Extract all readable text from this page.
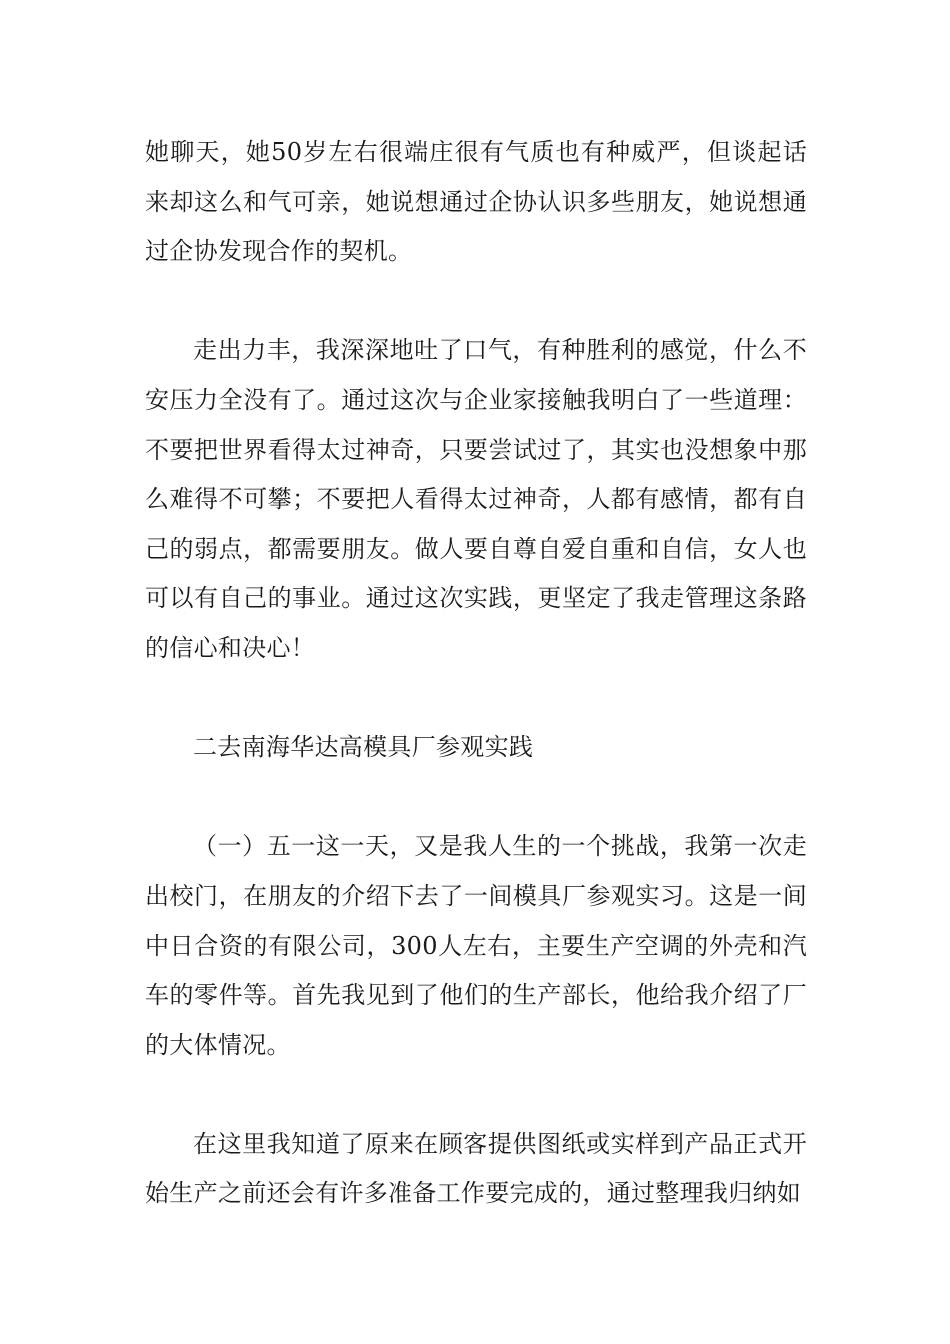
她聊天，她50岁左右很端庄很有气质也有种威严，但谈起话来却这么和气可亲，她说想通过企协认识多些朋友，她说想通过企协发现合作的契机。

走出力丰，我深深地吐了口气，有种胜利的感觉，什么不安压力全没有了。通过这次与企业家接触我明白了一些道理：不要把世界看得太过神奇，只要尝试过了，其实也没想象中那么难得不可攀；不要把人看得太过神奇，人都有感情，都有自己的弱点，都需要朋友。做人要自尊自爱自重和自信，女人也可以有自己的事业。通过这次实践，更坚定了我走管理这条路的信心和决心！

二去南海华达高模具厂参观实践

（一）五一这一天，又是我人生的一个挑战，我第一次走出校门，在朋友的介绍下去了一间模具厂参观实习。这是一间中日合资的有限公司，300人左右，主要生产空调的外壳和汽车的零件等。首先我见到了他们的生产部长，他给我介绍了厂的大体情况。

在这里我知道了原来在顾客提供图纸或实样到产品正式开始生产之前还会有许多准备工作要完成的，通过整理我归纳如
